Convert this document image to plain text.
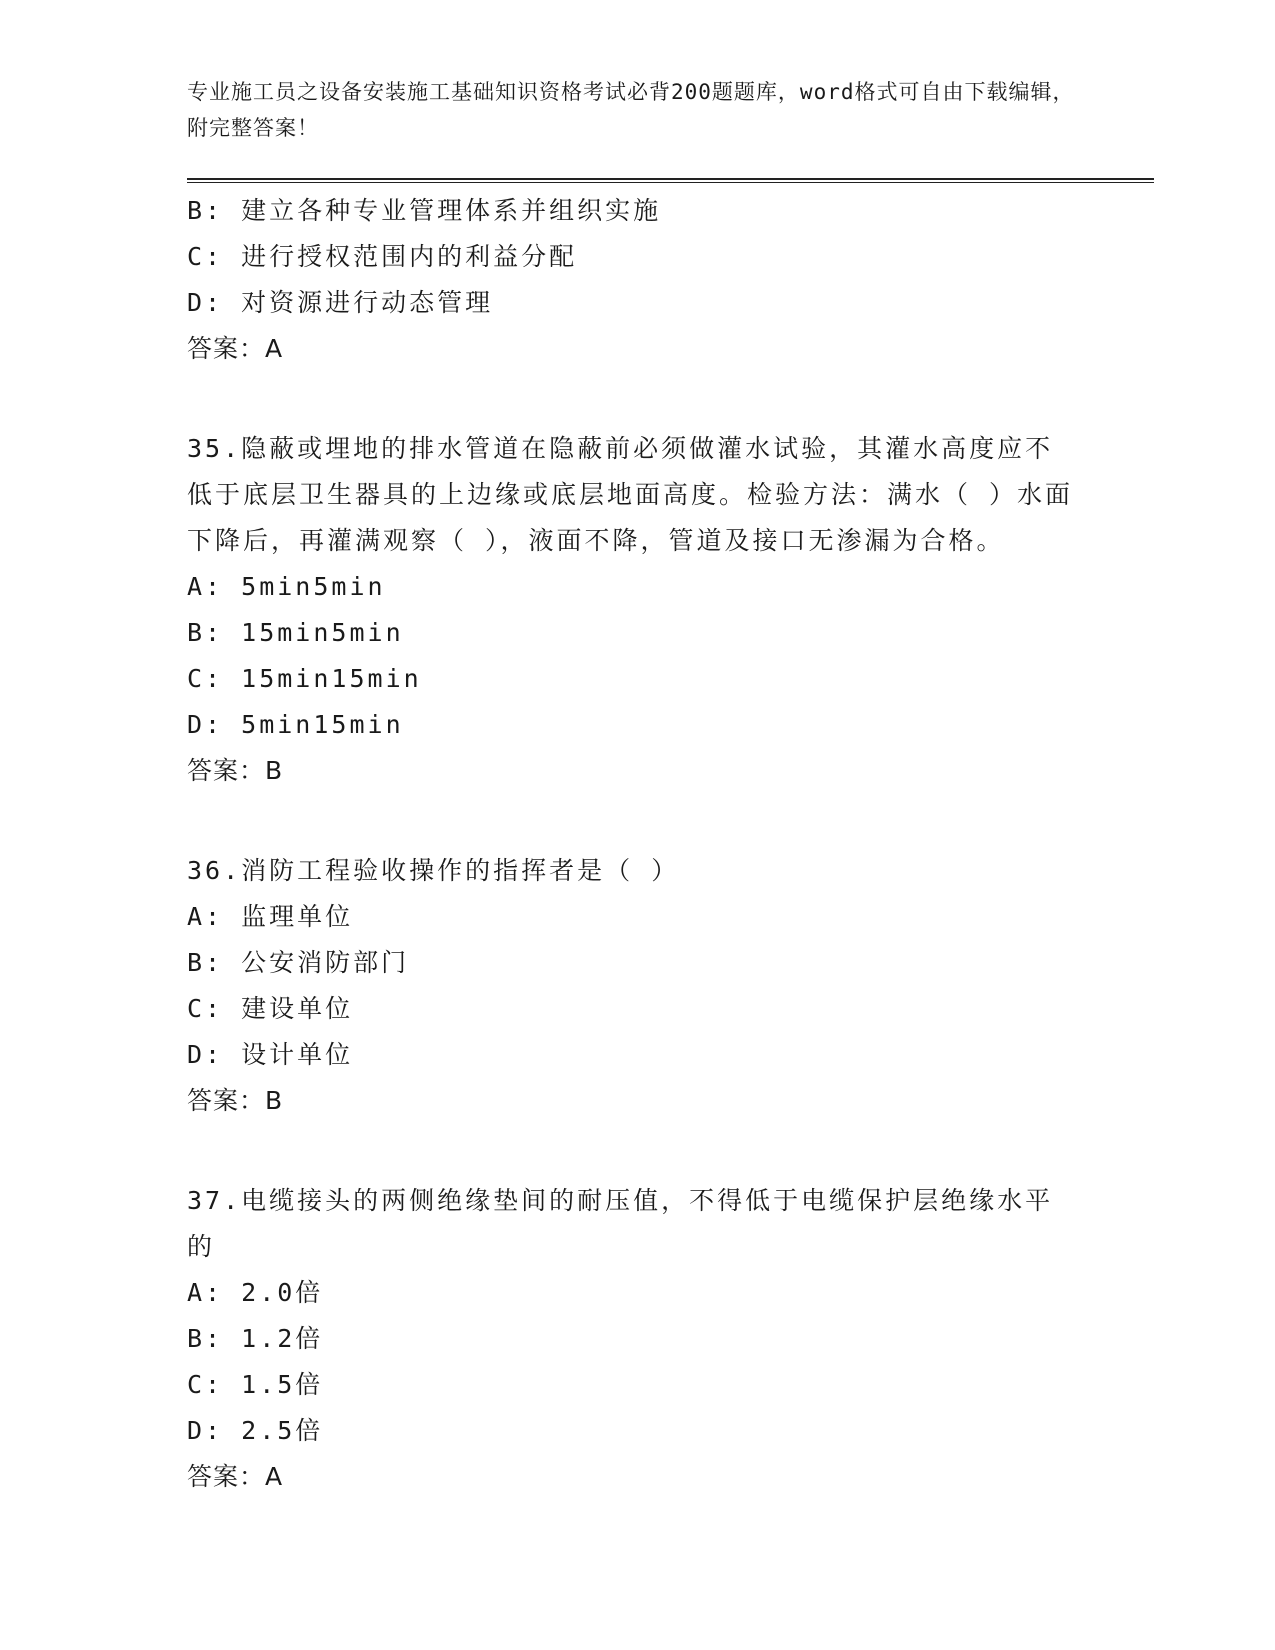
专业施工员之设备安装施工基础知识资格考试必背200题题库，word格式可自由下载编辑，附完整答案！
B: 建立各种专业管理体系并组织实施
C: 进行授权范围内的利益分配
D: 对资源进行动态管理
答案：A
35.隐蔽或埋地的排水管道在隐蔽前必须做灌水试验，其灌水高度应不低于底层卫生器具的上边缘或底层地面高度。检验方法：满水（ ）水面下降后，再灌满观察（ ），液面不降，管道及接口无渗漏为合格。
A: 5min5min
B: 15min5min
C: 15min15min
D: 5min15min
答案：B
36.消防工程验收操作的指挥者是（ ）
A: 监理单位
B: 公安消防部门
C: 建设单位
D: 设计单位
答案：B
37.电缆接头的两侧绝缘垫间的耐压值，不得低于电缆保护层绝缘水平的
A: 2.0倍
B: 1.2倍
C: 1.5倍
D: 2.5倍
答案：A
